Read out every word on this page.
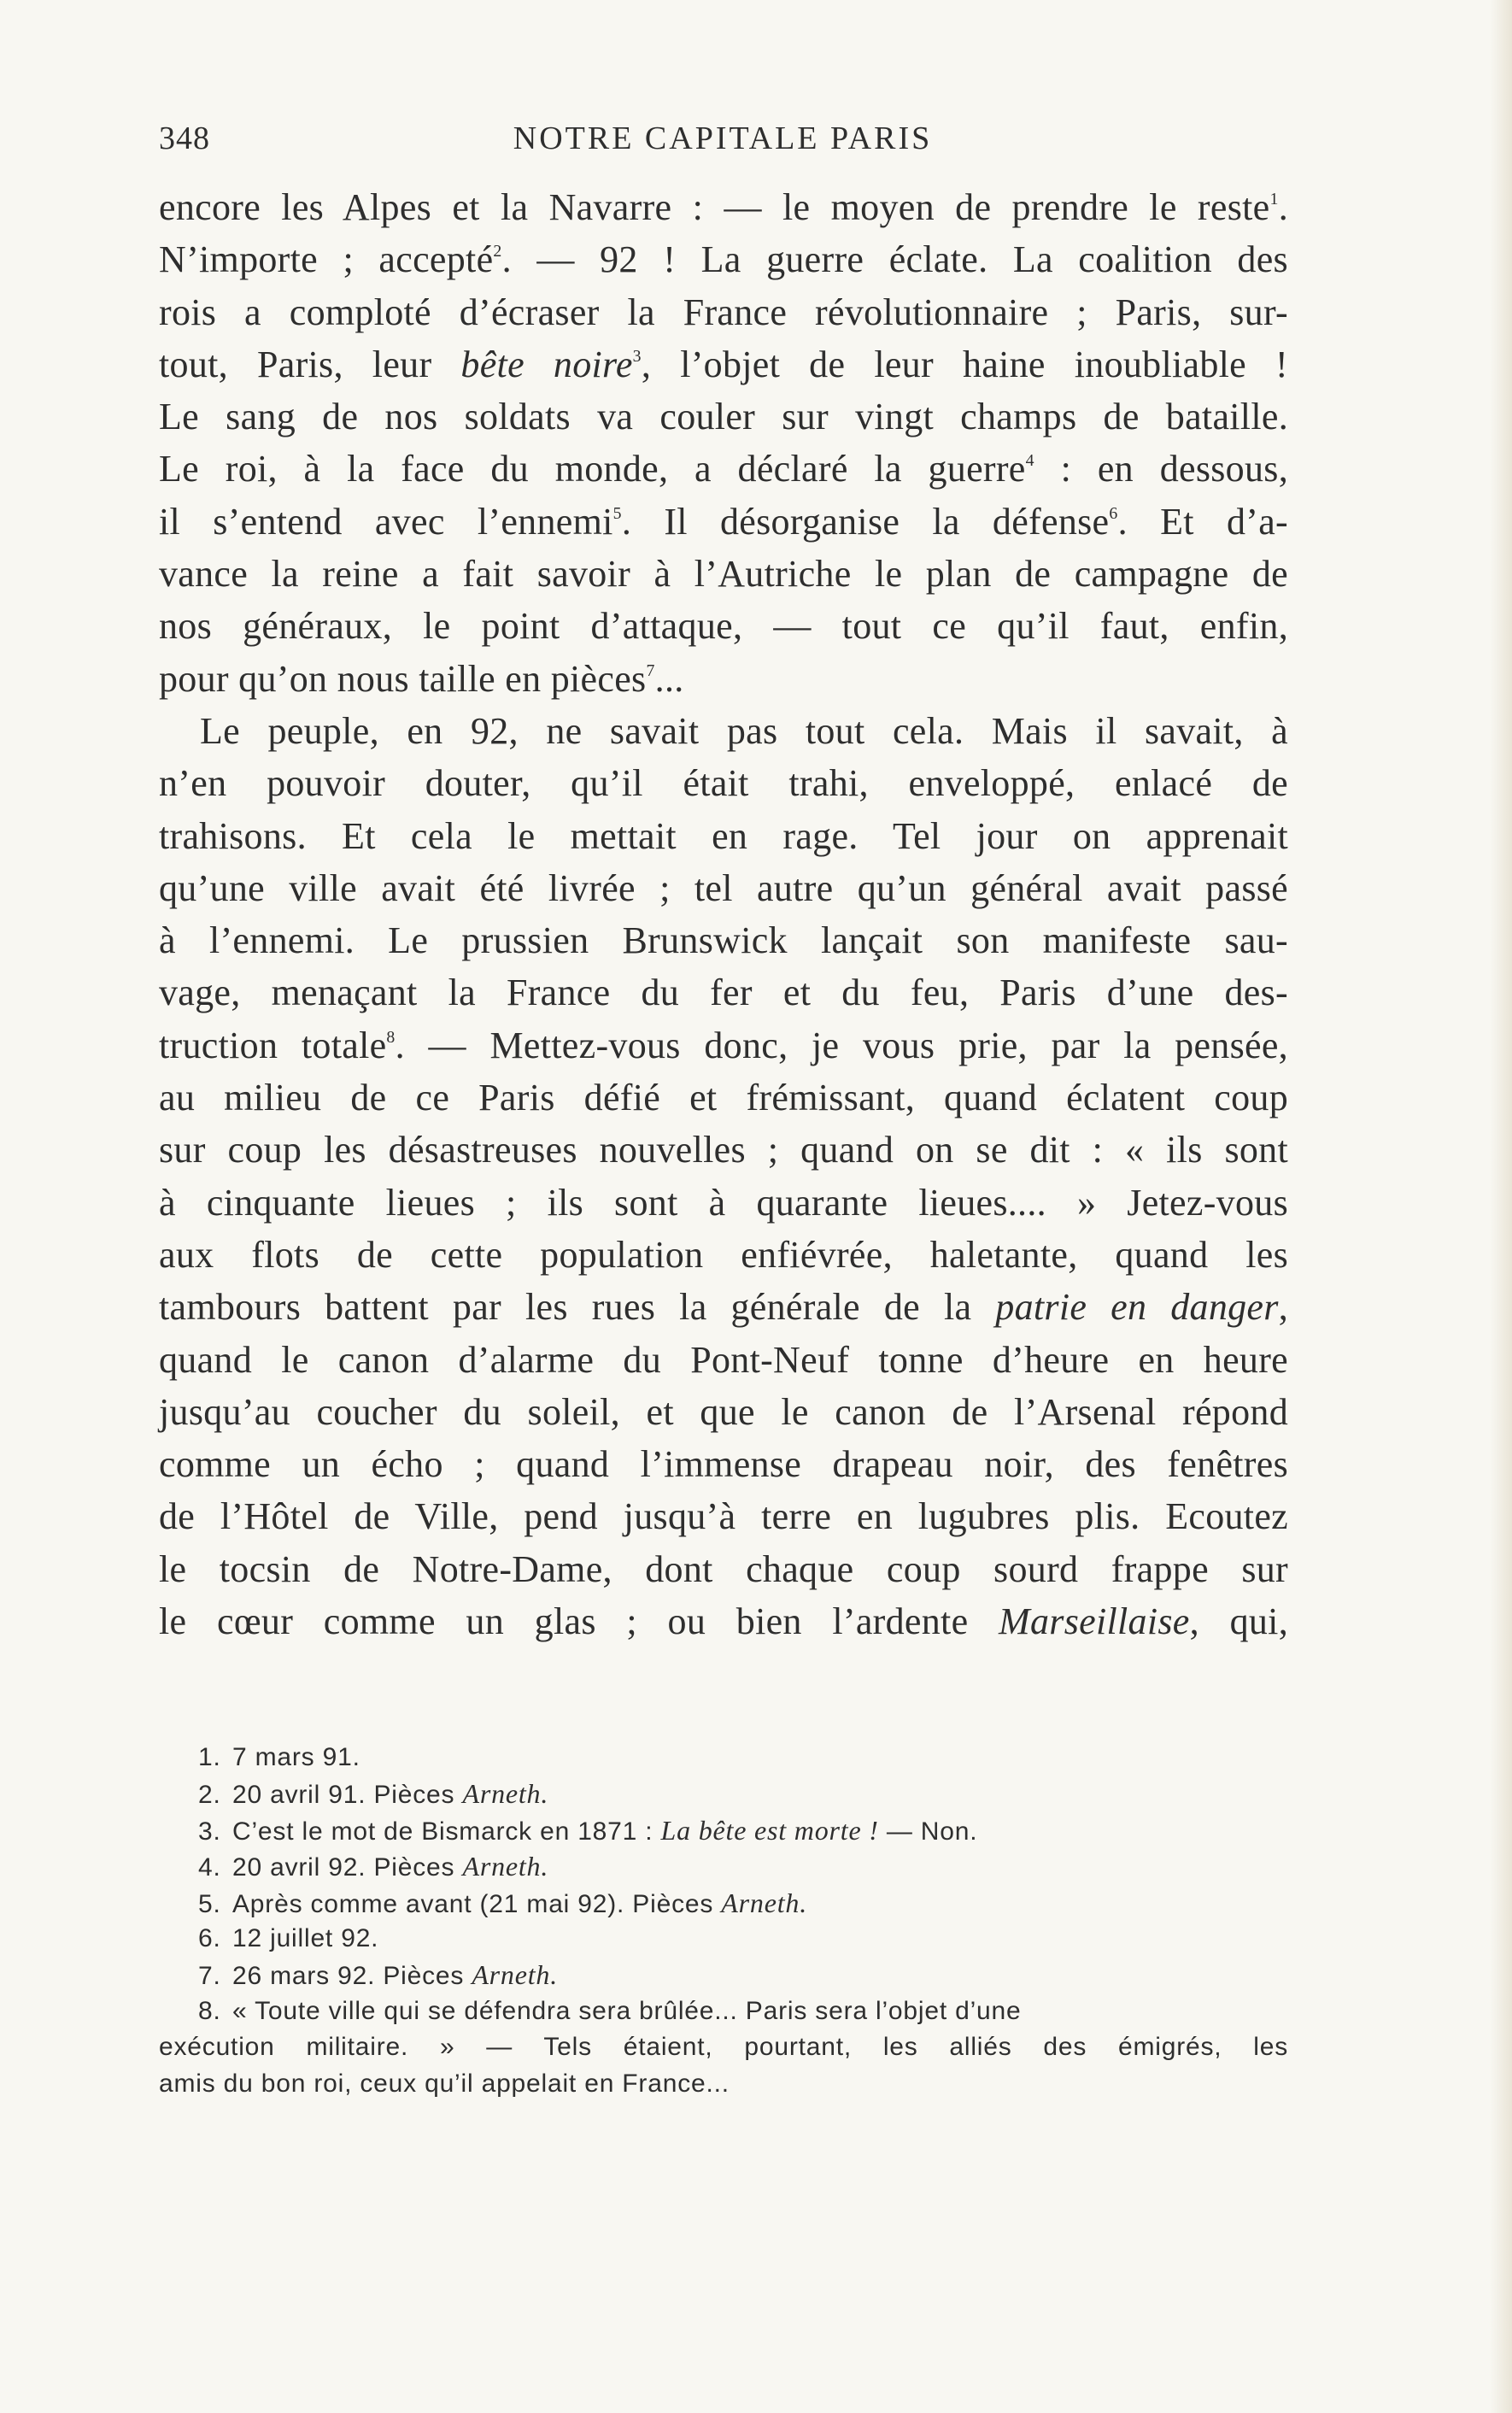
348	NOTRE CAPITALE PARIS
encore les Alpes et la Navarre : — le moyen de prendre le reste$^1$.
N’importe ; accepté$^2$. — 92 ! La guerre éclate. La coalition des
rois a comploté d’écraser la France révolutionnaire ; Paris, sur-
tout, Paris, leur bête noire$^3$, l’objet de leur haine inoubliable !
Le sang de nos soldats va couler sur vingt champs de bataille.
Le roi, à la face du monde, a déclaré la guerre$^4$ : en dessous,
il s’entend avec l’ennemi$^5$. Il désorganise la défense$^6$. Et d’a-
vance la reine a fait savoir à l’Autriche le plan de campagne de
nos généraux, le point d’attaque, — tout ce qu’il faut, enfin,
pour qu’on nous taille en pièces$^7$...
Le peuple, en 92, ne savait pas tout cela. Mais il savait, à
n’en pouvoir douter, qu’il était trahi, enveloppé, enlacé de
trahisons. Et cela le mettait en rage. Tel jour on apprenait
qu’une ville avait été livrée ; tel autre qu’un général avait passé
à l’ennemi. Le prussien Brunswick lançait son manifeste sau-
vage, menaçant la France du fer et du feu, Paris d’une des-
truction totale$^8$. — Mettez-vous donc, je vous prie, par la pensée,
au milieu de ce Paris défié et frémissant, quand éclatent coup
sur coup les désastreuses nouvelles ; quand on se dit : « ils sont
à cinquante lieues ; ils sont à quarante lieues.... » Jetez-vous
aux flots de cette population enfiévrée, haletante, quand les
tambours battent par les rues la générale de la patrie en danger,
quand le canon d’alarme du Pont-Neuf tonne d’heure en heure
jusqu’au coucher du soleil, et que le canon de l’Arsenal répond
comme un écho ; quand l’immense drapeau noir, des fenêtres
de l’Hôtel de Ville, pend jusqu’à terre en lugubres plis. Ecoutez
le tocsin de Notre-Dame, dont chaque coup sourd frappe sur
le cœur comme un glas ; ou bien l’ardente Marseillaise, qui,
1. 7 mars 91.
2. 20 avril 91. Pièces Arneth.
3. C’est le mot de Bismarck en 1871 : La bête est morte ! — Non.
4. 20 avril 92. Pièces Arneth.
5. Après comme avant (21 mai 92). Pièces Arneth.
6. 12 juillet 92.
7. 26 mars 92. Pièces Arneth.
8. « Toute ville qui se défendra sera brûlée... Paris sera l’objet d’une
exécution militaire. » — Tels étaient, pourtant, les alliés des émigrés, les
amis du bon roi, ceux qu’il appelait en France...
